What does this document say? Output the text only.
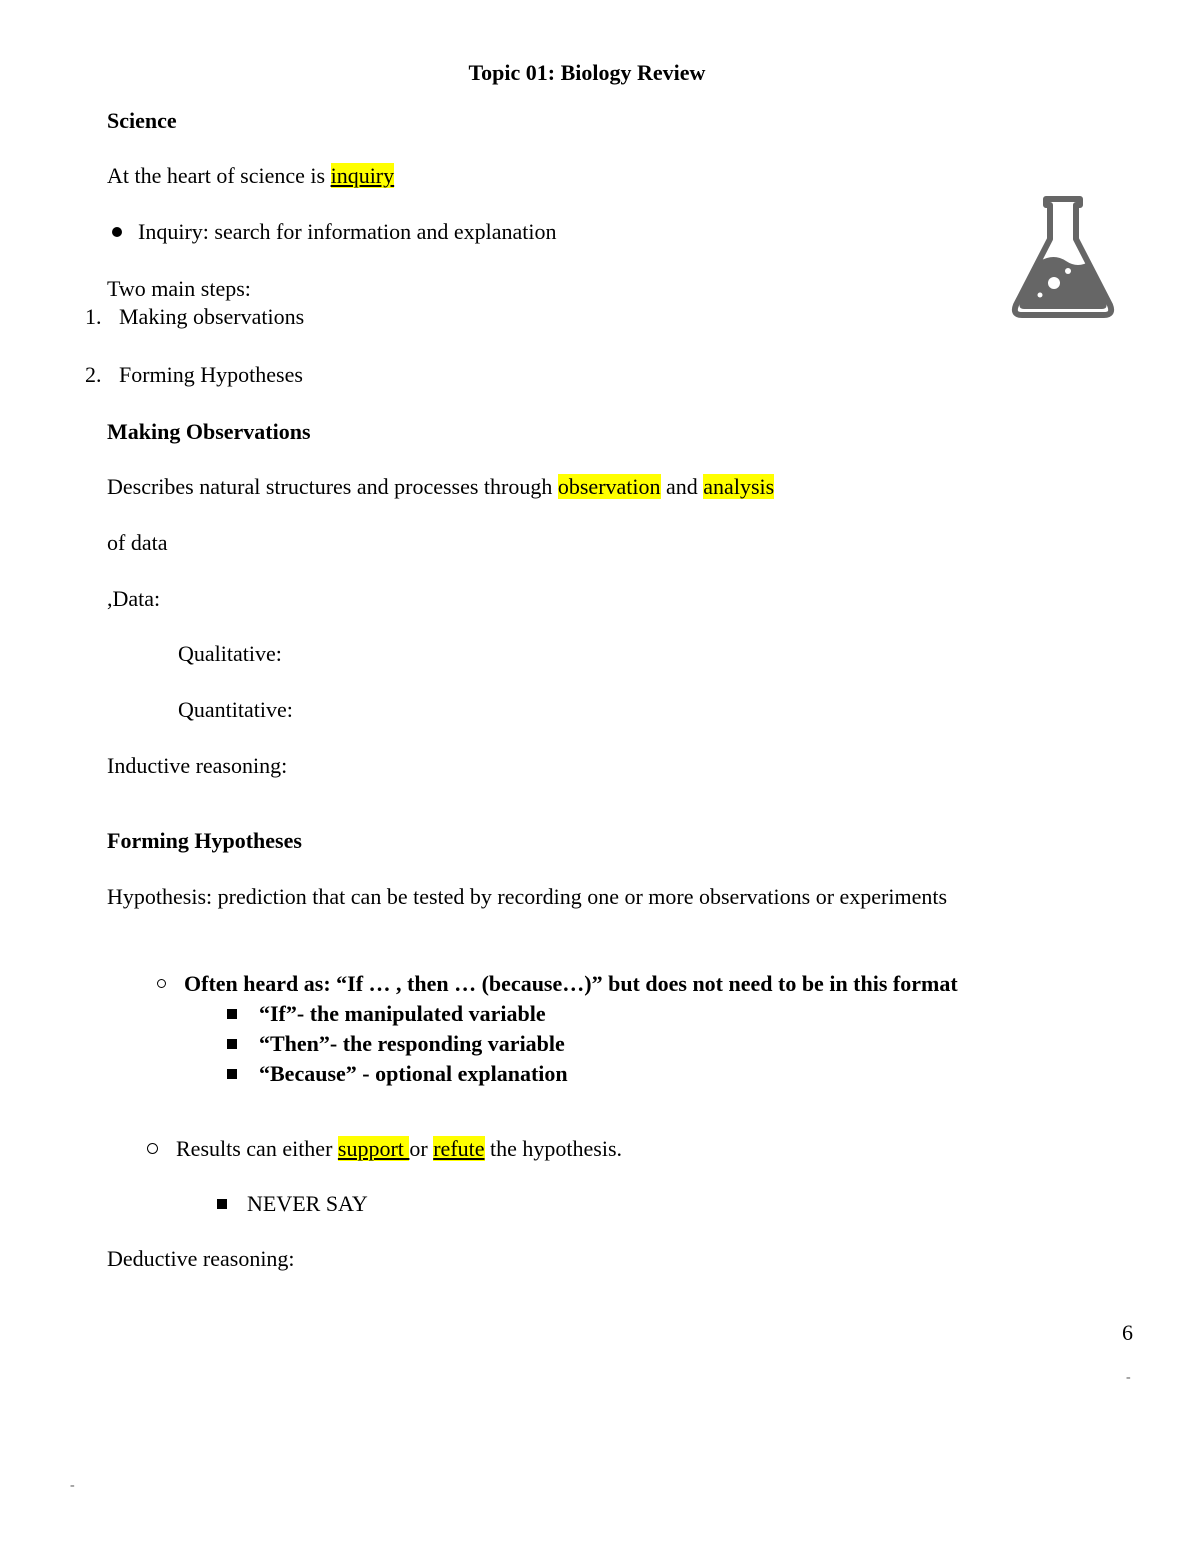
Topic 01: Biology Review
Science
At the heart of science is inquiry
Inquiry: search for information and explanation
Two main steps:
1. Making observations
2. Forming Hypotheses
Making Observations
Describes natural structures and processes through observation and analysis
of data
,Data:
Qualitative:
Quantitative:
Inductive reasoning:
Forming Hypotheses
Hypothesis: prediction that can be tested by recording one or more observations or experiments
Often heard as: “If … , then … (because…)” but does not need to be in this format
“If”- the manipulated variable
“Then”- the responding variable
“Because” - optional explanation
Results can either support or refute the hypothesis.
NEVER SAY
Deductive reasoning:
6
-
-
